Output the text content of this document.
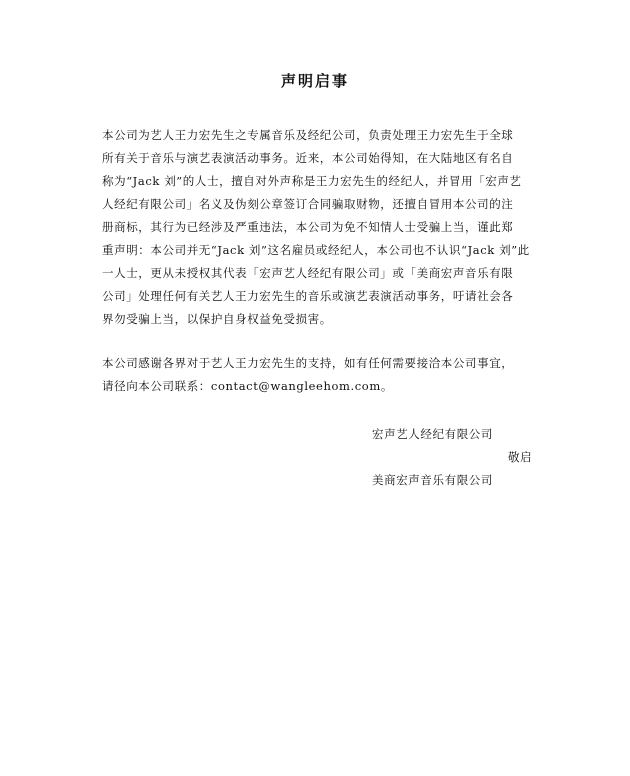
声明启事
本公司为艺人王力宏先生之专属音乐及经纪公司，负责处理王力宏先生于全球
所有关于音乐与演艺表演活动事务。近来，本公司始得知，在大陆地区有名自
称为“Jack 刘”的人士，擅自对外声称是王力宏先生的经纪人，并冒用「宏声艺
人经纪有限公司」名义及伪刻公章签订合同骗取财物，还擅自冒用本公司的注
册商标，其行为已经涉及严重违法，本公司为免不知情人士受骗上当，谨此郑
重声明：本公司并无“Jack 刘”这名雇员或经纪人，本公司也不认识“Jack 刘”此
一人士，更从未授权其代表「宏声艺人经纪有限公司」或「美商宏声音乐有限
公司」处理任何有关艺人王力宏先生的音乐或演艺表演活动事务，吁请社会各
界勿受骗上当，以保护自身权益免受损害。
本公司感谢各界对于艺人王力宏先生的支持，如有任何需要接洽本公司事宜，
请径向本公司联系：contact@wangleehom.com。
宏声艺人经纪有限公司
敬启
美商宏声音乐有限公司
